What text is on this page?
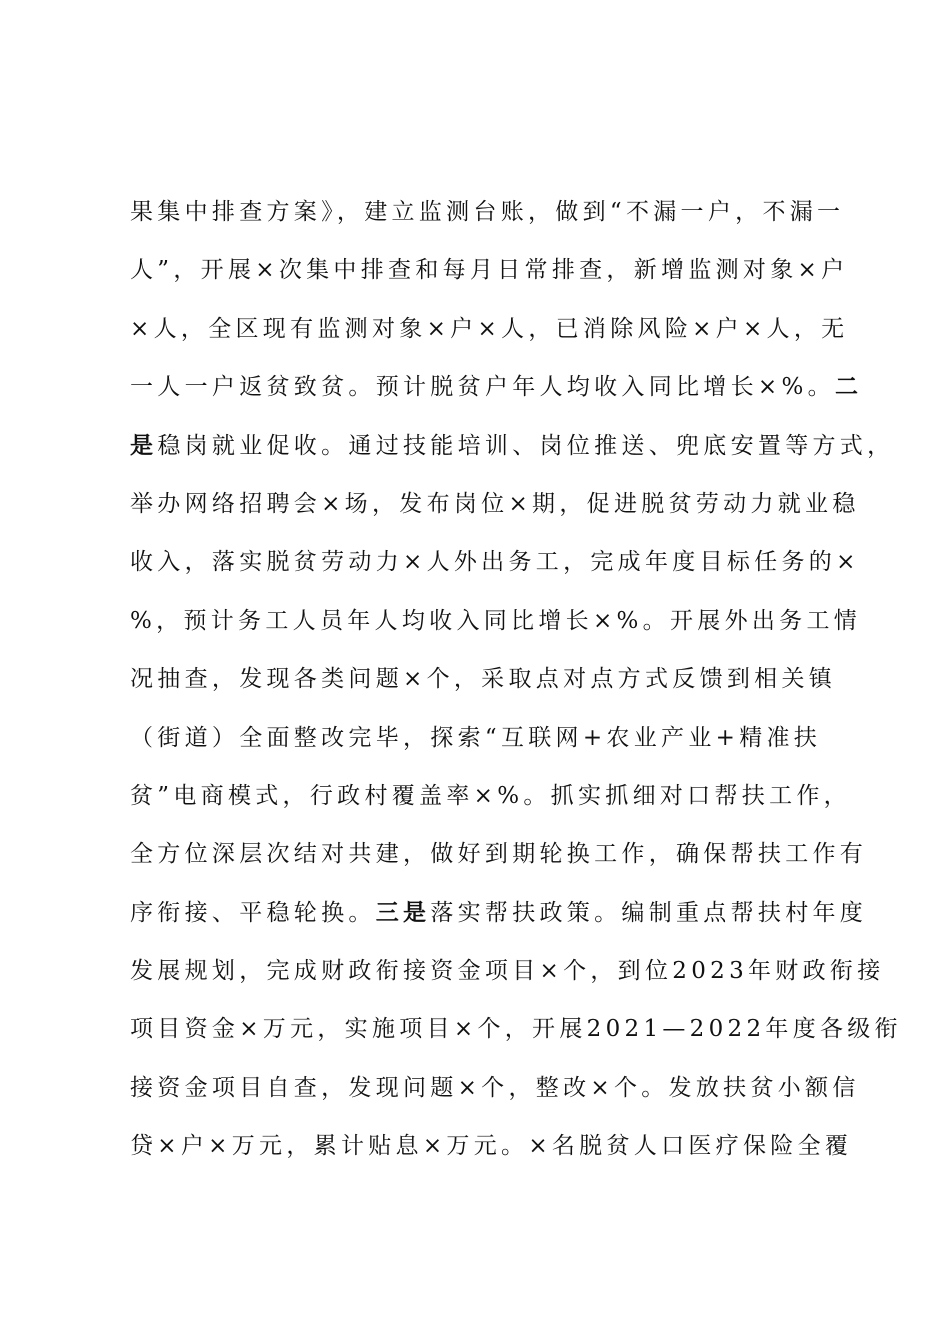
果集中排查方案》，建立监测台账，做到“不漏一户，不漏一
人”，开展×次集中排查和每月日常排查，新增监测对象×户
×人，全区现有监测对象×户×人，已消除风险×户×人，无
一人一户返贫致贫。预计脱贫户年人均收入同比增长×%。二
是稳岗就业促收。通过技能培训、岗位推送、兜底安置等方式，
举办网络招聘会×场，发布岗位×期，促进脱贫劳动力就业稳
收入，落实脱贫劳动力×人外出务工，完成年度目标任务的×
%，预计务工人员年人均收入同比增长×%。开展外出务工情
况抽查，发现各类问题×个，采取点对点方式反馈到相关镇
（街道）全面整改完毕，探索“互联网+农业产业+精准扶
贫”电商模式，行政村覆盖率×%。抓实抓细对口帮扶工作，
全方位深层次结对共建，做好到期轮换工作，确保帮扶工作有
序衔接、平稳轮换。三是落实帮扶政策。编制重点帮扶村年度
发展规划，完成财政衔接资金项目×个，到位2023年财政衔接
项目资金×万元，实施项目×个，开展2021—2022年度各级衔
接资金项目自查，发现问题×个，整改×个。发放扶贫小额信
贷×户×万元，累计贴息×万元。×名脱贫人口医疗保险全覆
